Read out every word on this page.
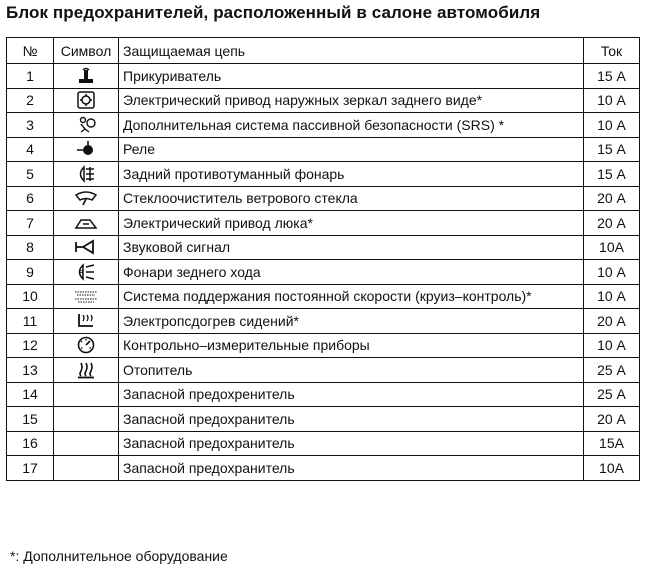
Блок предохранителей, расположенный в салоне автомобиля
№	Символ	Защищаемая цепь	Ток
1		Прикуриватель	15 А
2		Электрический привод наружных зеркал заднего виде*	10 А
3		Дополнительная система пассивной безопасности (SRS) *	10 А
4		Реле	15 А
5		Задний противотуманный фонарь	15 А
6		Стеклоочиститель ветрового стекла	20 А
7		Электрический привод люка*	20 А
8		Звуковой сигнал	10А
9	R	Фонари зеднего хода	10 А
10		Система поддержания постоянной скорости (круиз–контроль)*	10 А
11		Электропсдогрев сидений*	20 А
12		Контрольно–измерительные приборы	10 А
13		Отопитель	25 А
14		Запасной предохренитель	25 А
15		Запасной предохранитель	20 А
16		Запасной предохранитель	15А
17		Запасной предохранитель	10А
*: Дополнительное оборудование
